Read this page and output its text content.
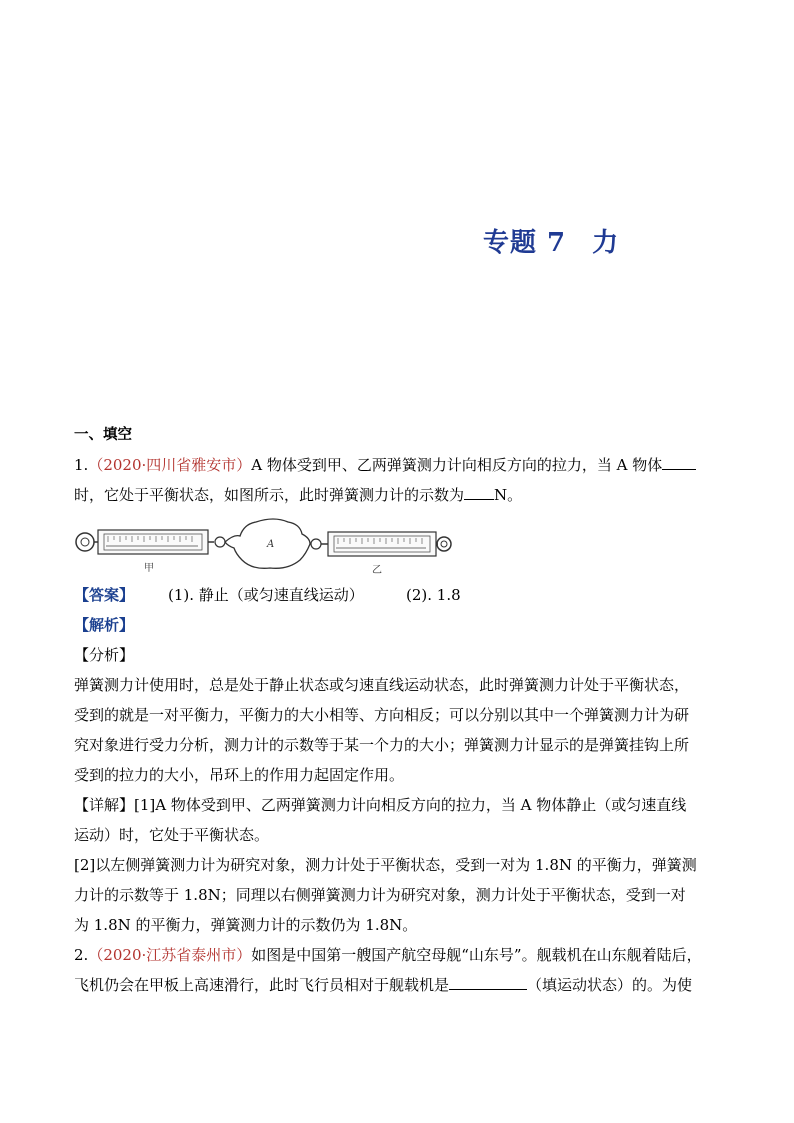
专题 7 力

一、填空

1.（2020·四川省雅安市）A 物体受到甲、乙两弹簧测力计向相反方向的拉力，当 A 物体

时，它处于平衡状态，如图所示，此时弹簧测力计的示数为 N。

甲
A
乙
【答案】 (1). 静止（或匀速直线运动）	(2). 1.8

【解析】

【分析】

弹簧测力计使用时，总是处于静止状态或匀速直线运动状态，此时弹簧测力计处于平衡状态，

受到的就是一对平衡力，平衡力的大小相等、方向相反；可以分别以其中一个弹簧测力计为研

究对象进行受力分析，测力计的示数等于某一个力的大小；弹簧测力计显示的是弹簧挂钩上所

受到的拉力的大小，吊环上的作用力起固定作用。

【详解】[1]A 物体受到甲、乙两弹簧测力计向相反方向的拉力，当 A 物体静止（或匀速直线

运动）时，它处于平衡状态。

[2]以左侧弹簧测力计为研究对象，测力计处于平衡状态，受到一对为 1.8N 的平衡力，弹簧测

力计的示数等于 1.8N；同理以右侧弹簧测力计为研究对象，测力计处于平衡状态，受到一对

为 1.8N 的平衡力，弹簧测力计的示数仍为 1.8N。

2.（2020·江苏省泰州市）如图是中国第一艘国产航空母舰“山东号”。舰载机在山东舰着陆后，

飞机仍会在甲板上高速滑行，此时飞行员相对于舰载机是	（填运动状态）的。为使
